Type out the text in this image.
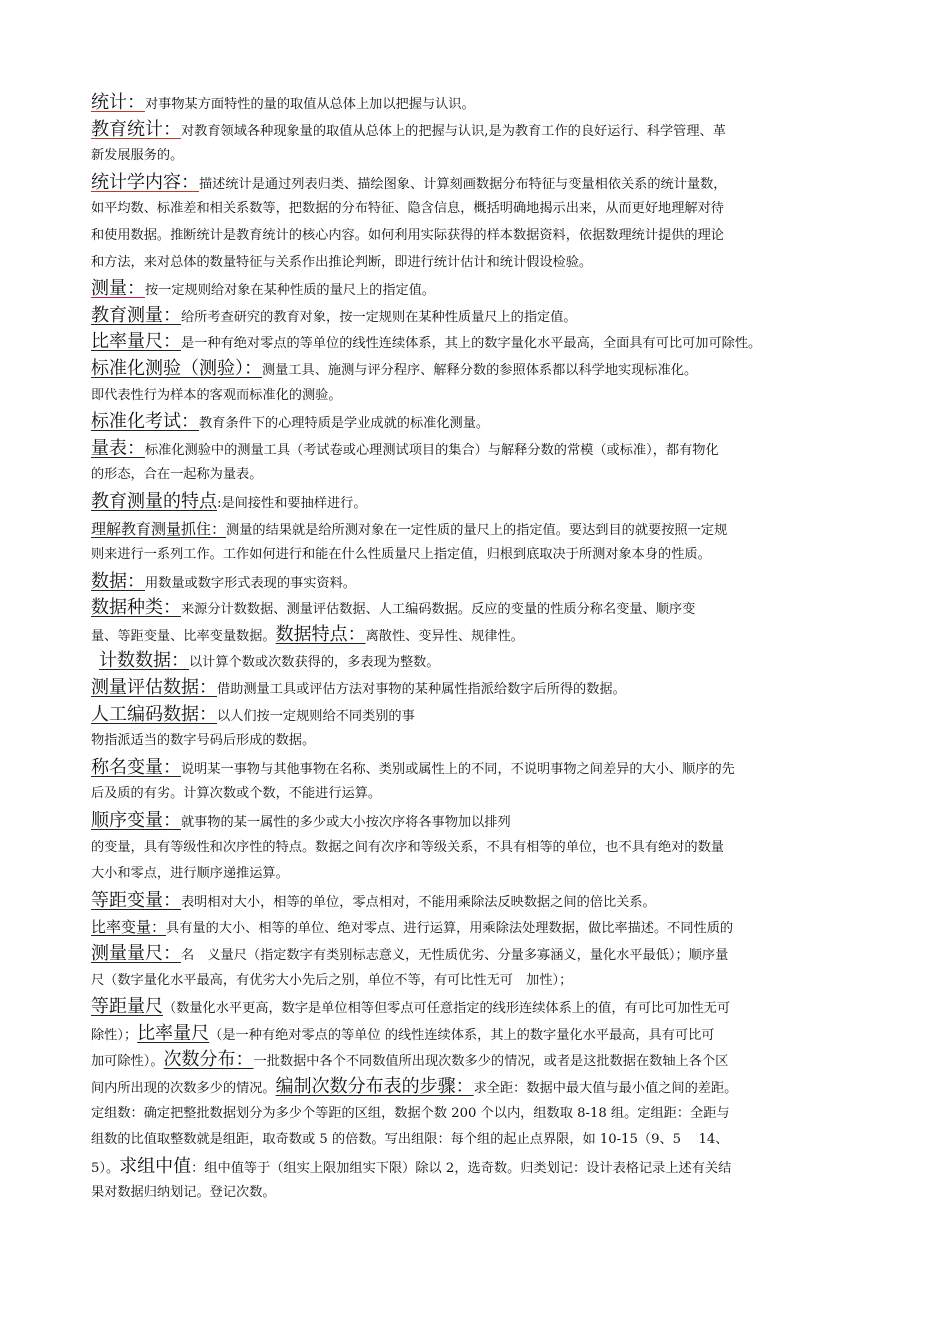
统计：对事物某方面特性的量的取值从总体上加以把握与认识。
教育统计：对教育领域各种现象量的取值从总体上的把握与认识,是为教育工作的良好运行、科学管理、革
新发展服务的。
统计学内容：描述统计是通过列表归类、描绘图象、计算刻画数据分布特征与变量相依关系的统计量数，
如平均数、标准差和相关系数等，把数据的分布特征、隐含信息，概括明确地揭示出来，从而更好地理解对待
和使用数据。推断统计是教育统计的核心内容。如何利用实际获得的样本数据资料，依据数理统计提供的理论
和方法，来对总体的数量特征与关系作出推论判断，即进行统计估计和统计假设检验。
测量：按一定规则给对象在某种性质的量尺上的指定值。
教育测量：给所考查研究的教育对象，按一定规则在某种性质量尺上的指定值。
比率量尺：是一种有绝对零点的等单位的线性连续体系，其上的数字量化水平最高，全面具有可比可加可除性。
标准化测验（测验）：测量工具、施测与评分程序、解释分数的参照体系都以科学地实现标准化。
即代表性行为样本的客观而标准化的测验。
标准化考试：教育条件下的心理特质是学业成就的标准化测量。
量表：标准化测验中的测量工具（考试卷或心理测试项目的集合）与解释分数的常模（或标准），都有物化
的形态，合在一起称为量表。
教育测量的特点:是间接性和要抽样进行。
理解教育测量抓住：测量的结果就是给所测对象在一定性质的量尺上的指定值。要达到目的就要按照一定规
则来进行一系列工作。工作如何进行和能在什么性质量尺上指定值，归根到底取决于所测对象本身的性质。
数据：用数量或数字形式表现的事实资料。
数据种类：来源分计数数据、测量评估数据、人工编码数据。反应的变量的性质分称名变量、顺序变
量、等距变量、比率变量数据。数据特点：离散性、变异性、规律性。
计数数据：以计算个数或次数获得的，多表现为整数。
测量评估数据：借助测量工具或评估方法对事物的某种属性指派给数字后所得的数据。
人工编码数据：以人们按一定规则给不同类别的事
物指派适当的数字号码后形成的数据。
称名变量：说明某一事物与其他事物在名称、类别或属性上的不同，不说明事物之间差异的大小、顺序的先
后及质的有劣。计算次数或个数，不能进行运算。
顺序变量：就事物的某一属性的多少或大小按次序将各事物加以排列
的变量，具有等级性和次序性的特点。数据之间有次序和等级关系，不具有相等的单位，也不具有绝对的数量
大小和零点，进行顺序递推运算。
等距变量：表明相对大小，相等的单位，零点相对，不能用乘除法反映数据之间的倍比关系。
比率变量：具有量的大小、相等的单位、绝对零点、进行运算，用乘除法处理数据，做比率描述。不同性质的
测量量尺：名　义量尺（指定数字有类别标志意义，无性质优劣、分量多寡涵义，量化水平最低）；顺序量
尺（数字量化水平最高，有优劣大小先后之别，单位不等，有可比性无可　加性）；
等距量尺（数量化水平更高，数字是单位相等但零点可任意指定的线形连续体系上的值，有可比可加性无可
除性）；比率量尺（是一种有绝对零点的等单位 的线性连续体系，其上的数字量化水平最高，具有可比可
加可除性）。次数分布：一批数据中各个不同数值所出现次数多少的情况，或者是这批数据在数轴上各个区
间内所出现的次数多少的情况。编制次数分布表的步骤：求全距：数据中最大值与最小值之间的差距。
定组数：确定把整批数据划分为多少个等距的区组，数据个数 200 个以内，组数取 8-18 组。定组距：全距与
组数的比值取整数就是组距，取奇数或 5 的倍数。写出组限：每个组的起止点界限，如 10-15（9、5　 14、
5）。求组中值：组中值等于（组实上限加组实下限）除以 2，选奇数。归类划记：设计表格记录上述有关结
果对数据归纳划记。登记次数。
